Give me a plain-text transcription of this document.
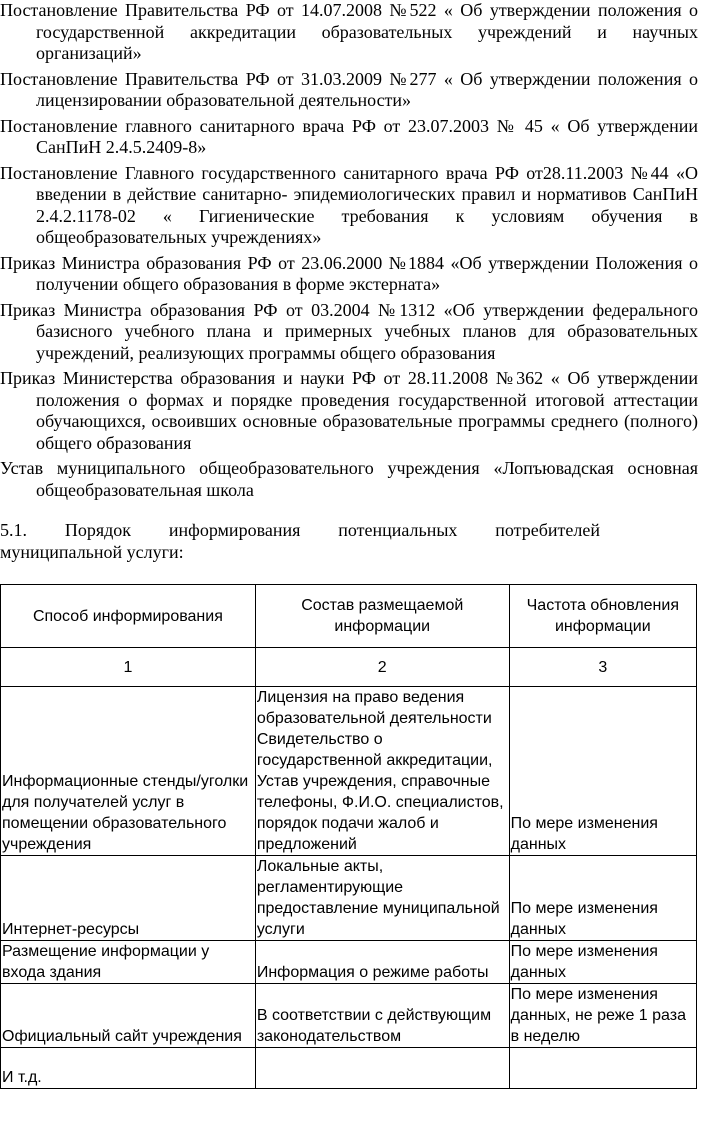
Постановление Правительства РФ от 14.07.2008 №522 « Об утверждении положения о государственной аккредитации образовательных учреждений и научных организаций»

Постановление Правительства РФ от 31.03.2009 №277 « Об утверждении положения о лицензировании образовательной деятельности»

Постановление главного санитарного врача РФ от 23.07.2003 № 45 « Об утверждении СанПиН 2.4.5.2409-8»

Постановление Главного государственного санитарного врача РФ от28.11.2003 №44 «О введении в действие санитарно- эпидемиологических правил и нормативов СанПиН 2.4.2.1178-02 « Гигиенические требования к условиям обучения в общеобразовательных учреждениях»

Приказ Министра образования РФ от 23.06.2000 №1884 «Об утверждении Положения о получении общего образования в форме экстерната»

Приказ Министра образования РФ от 03.2004 №1312 «Об утверждении федерального базисного учебного плана и примерных учебных планов для образовательных учреждений, реализующих программы общего образования

Приказ Министерства образования и науки РФ от 28.11.2008 №362 « Об утверждении положения о формах и порядке проведения государственной итоговой аттестации обучающихся, освоивших основные образовательные программы среднего (полного) общего образования

Устав муниципального общеобразовательного учреждения «Лопъювадская основная общеобразовательная школа

5.1. Порядок информирования потенциальных потребителей
муниципальной услуги:
Способ информирования	Состав размещаемой информации	Частота обновления информации
1	2	3
Информационные стенды/уголки для получателей услуг в помещении образовательного учреждения	Лицензия на право ведения образовательной деятельности Свидетельство о государственной аккредитации, Устав учреждения, справочные телефоны, Ф.И.О. специалистов, порядок подачи жалоб и предложений	По мере изменения данных
Интернет-ресурсы	Локальные акты, регламентирующие предоставление муниципальной услуги	По мере изменения данных
Размещение информации у входа здания	Информация о режиме работы	По мере изменения данных
Официальный сайт учреждения	В соответствии с действующим законодательством	По мере изменения данных, не реже 1 раза в неделю
И т.д.		
